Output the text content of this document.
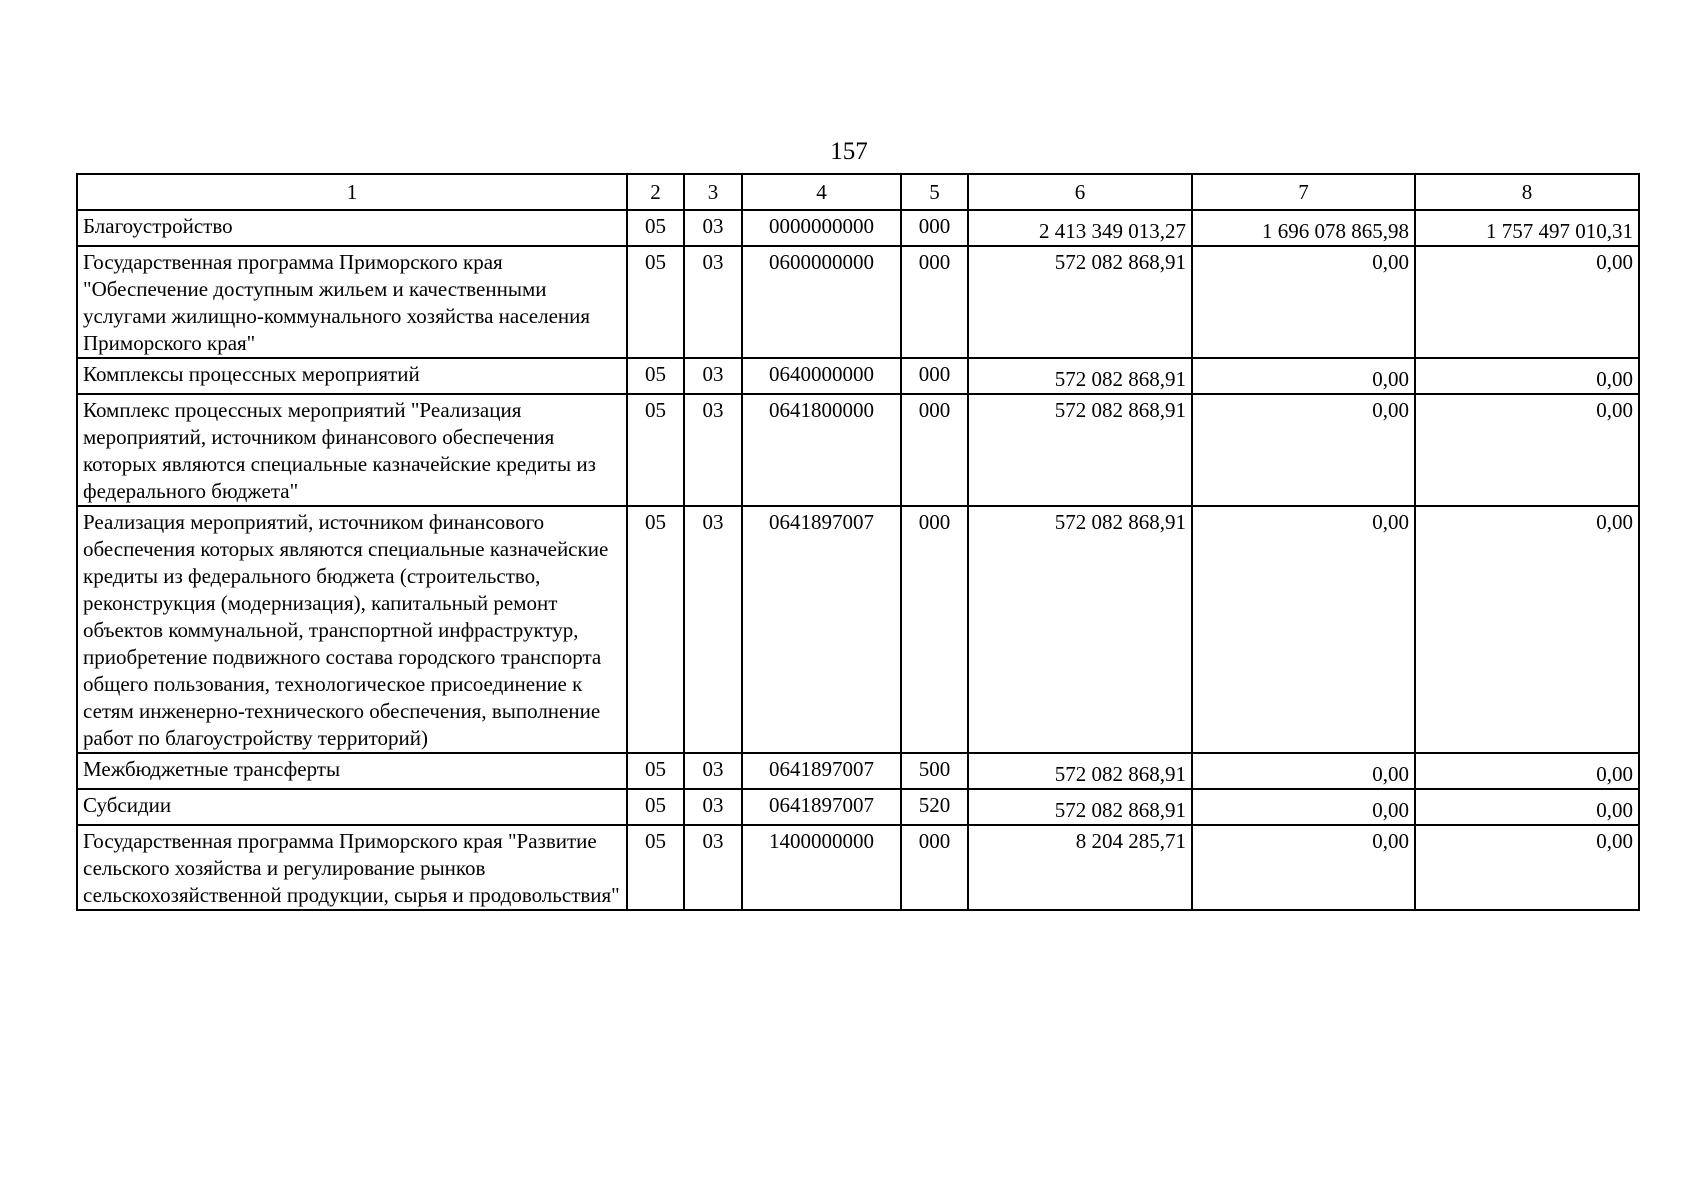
157
1	2	3	4	5	6	7	8
Благоустройство	05	03	0000000000	000	2 413 349 013,27	1 696 078 865,98	1 757 497 010,31
Государственная программа Приморского края "Обеспечение доступным жильем и качественными услугами жилищно-коммунального хозяйства населения Приморского края"	05	03	0600000000	000	572 082 868,91	0,00	0,00
Комплексы процессных мероприятий	05	03	0640000000	000	572 082 868,91	0,00	0,00
Комплекс процессных мероприятий "Реализация мероприятий, источником финансового обеспечения которых являются специальные казначейские кредиты из федерального бюджета"	05	03	0641800000	000	572 082 868,91	0,00	0,00
Реализация мероприятий, источником финансового обеспечения которых являются специальные казначейские кредиты из федерального бюджета (строительство, реконструкция (модернизация), капитальный ремонт объектов коммунальной, транспортной инфраструктур, приобретение подвижного состава городского транспорта общего пользования, технологическое присоединение к сетям инженерно-технического обеспечения, выполнение работ по благоустройству территорий)	05	03	0641897007	000	572 082 868,91	0,00	0,00
Межбюджетные трансферты	05	03	0641897007	500	572 082 868,91	0,00	0,00
Субсидии	05	03	0641897007	520	572 082 868,91	0,00	0,00
Государственная программа Приморского края "Развитие сельского хозяйства и регулирование рынков сельскохозяйственной продукции, сырья и продовольствия"	05	03	1400000000	000	8 204 285,71	0,00	0,00
